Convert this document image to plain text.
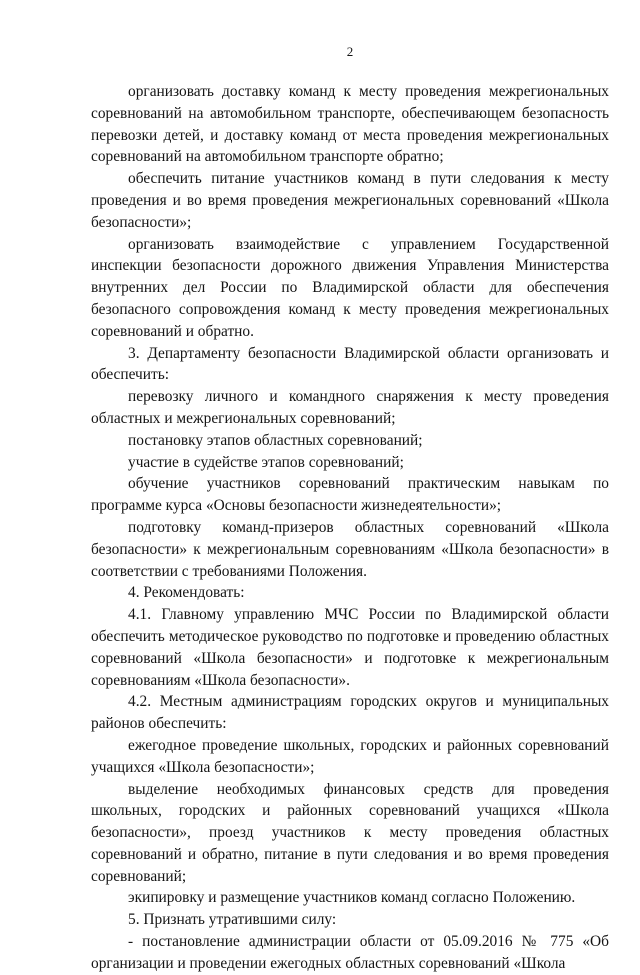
2

организовать доставку команд к месту проведения межрегиональных соревнований на автомобильном транспорте, обеспечивающем безопасность перевозки детей, и доставку команд от места проведения межрегиональных соревнований на автомобильном транспорте обратно;

обеспечить питание участников команд в пути следования к месту проведения и во время проведения межрегиональных соревнований «Школа безопасности»;

организовать взаимодействие с управлением Государственной инспекции безопасности дорожного движения Управления Министерства внутренних дел России по Владимирской области для обеспечения безопасного сопровождения команд к месту проведения межрегиональных соревнований и обратно.

3. Департаменту безопасности Владимирской области организовать и обеспечить:

перевозку личного и командного снаряжения к месту проведения областных и межрегиональных соревнований;

постановку этапов областных соревнований;

участие в судействе этапов соревнований;

обучение участников соревнований практическим навыкам по программе курса «Основы безопасности жизнедеятельности»;

подготовку команд-призеров областных соревнований «Школа безопасности» к межрегиональным соревнованиям «Школа безопасности» в соответствии с требованиями Положения.

4. Рекомендовать:

4.1. Главному управлению МЧС России по Владимирской области обеспечить методическое руководство по подготовке и проведению областных соревнований «Школа безопасности» и подготовке к межрегиональным соревнованиям «Школа безопасности».

4.2. Местным администрациям городских округов и муниципальных районов обеспечить:

ежегодное проведение школьных, городских и районных соревнований учащихся «Школа безопасности»;

выделение необходимых финансовых средств для проведения школьных, городских и районных соревнований учащихся «Школа безопасности», проезд участников к месту проведения областных соревнований и обратно, питание в пути следования и во время проведения соревнований;

экипировку и размещение участников команд согласно Положению.

5. Признать утратившими силу:

- постановление администрации области от 05.09.2016 № 775 «Об организации и проведении ежегодных областных соревнований «Школа
